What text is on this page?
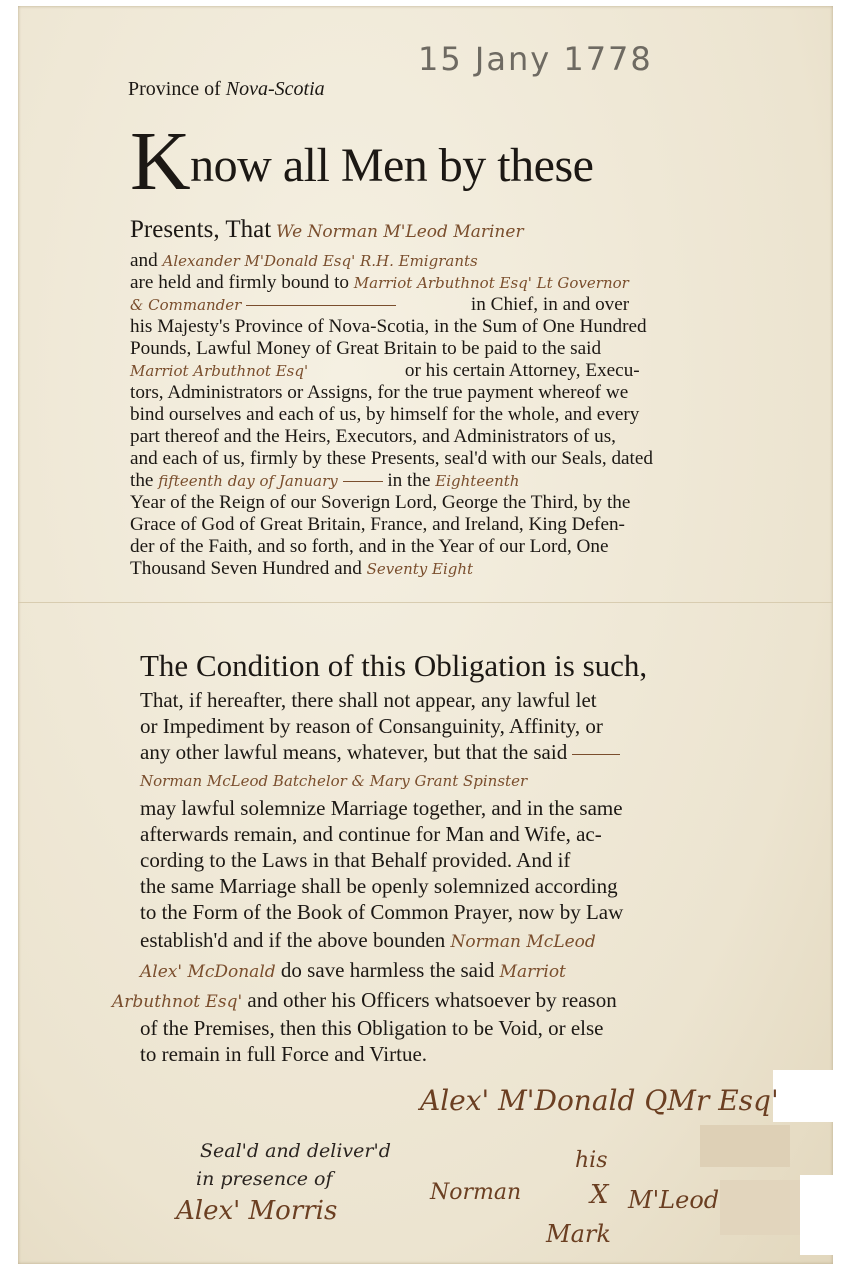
15 Jany 1778
Province of Nova-Scotia
Know all Men by these
Presents, That We Norman M'Leod Mariner
and Alexander M'Donald Esq' R.H. Emigrants
are held and firmly bound to Marriot Arbuthnot Esq' Lt Governor
& Commander	in Chief, in and over
his Majesty's Province of Nova-Scotia, in the Sum of One Hundred
Pounds, Lawful Money of Great Britain to be paid to the said
Marriot Arbuthnot Esq'	or his certain Attorney, Execu-
tors, Administrators or Assigns, for the true payment whereof we
bind ourselves and each of us, by himself for the whole, and every
part thereof and the Heirs, Executors, and Administrators of us,
and each of us, firmly by these Presents, seal'd with our Seals, dated
the fifteenth day of January	in the Eighteenth
Year of the Reign of our Soverign Lord, George the Third, by the
Grace of God of Great Britain, France, and Ireland, King Defen-
der of the Faith, and so forth, and in the Year of our Lord, One
Thousand Seven Hundred and Seventy Eight
The Condition of this Obligation is such,
That, if hereafter, there shall not appear, any lawful let
or Impediment by reason of Consanguinity, Affinity, or
any other lawful means, whatever, but that the said
Norman McLeod Batchelor & Mary Grant Spinster
may lawful solemnize Marriage together, and in the same
afterwards remain, and continue for Man and Wife, ac-
cording to the Laws in that Behalf provided. And if
the same Marriage shall be openly solemnized according
to the Form of the Book of Common Prayer, now by Law
establish'd and if the above bounden Norman McLeod
Alex' McDonald do save harmless the said Marriot
Arbuthnot Esq' and other his Officers whatsoever by reason
of the Premises, then this Obligation to be Void, or else
to remain in full Force and Virtue.
Alex' M'Donald QMr Esq'
Seal'd and deliver'd
in presence of
Alex' Morris
Norman
his
X M'Leod
Mark
